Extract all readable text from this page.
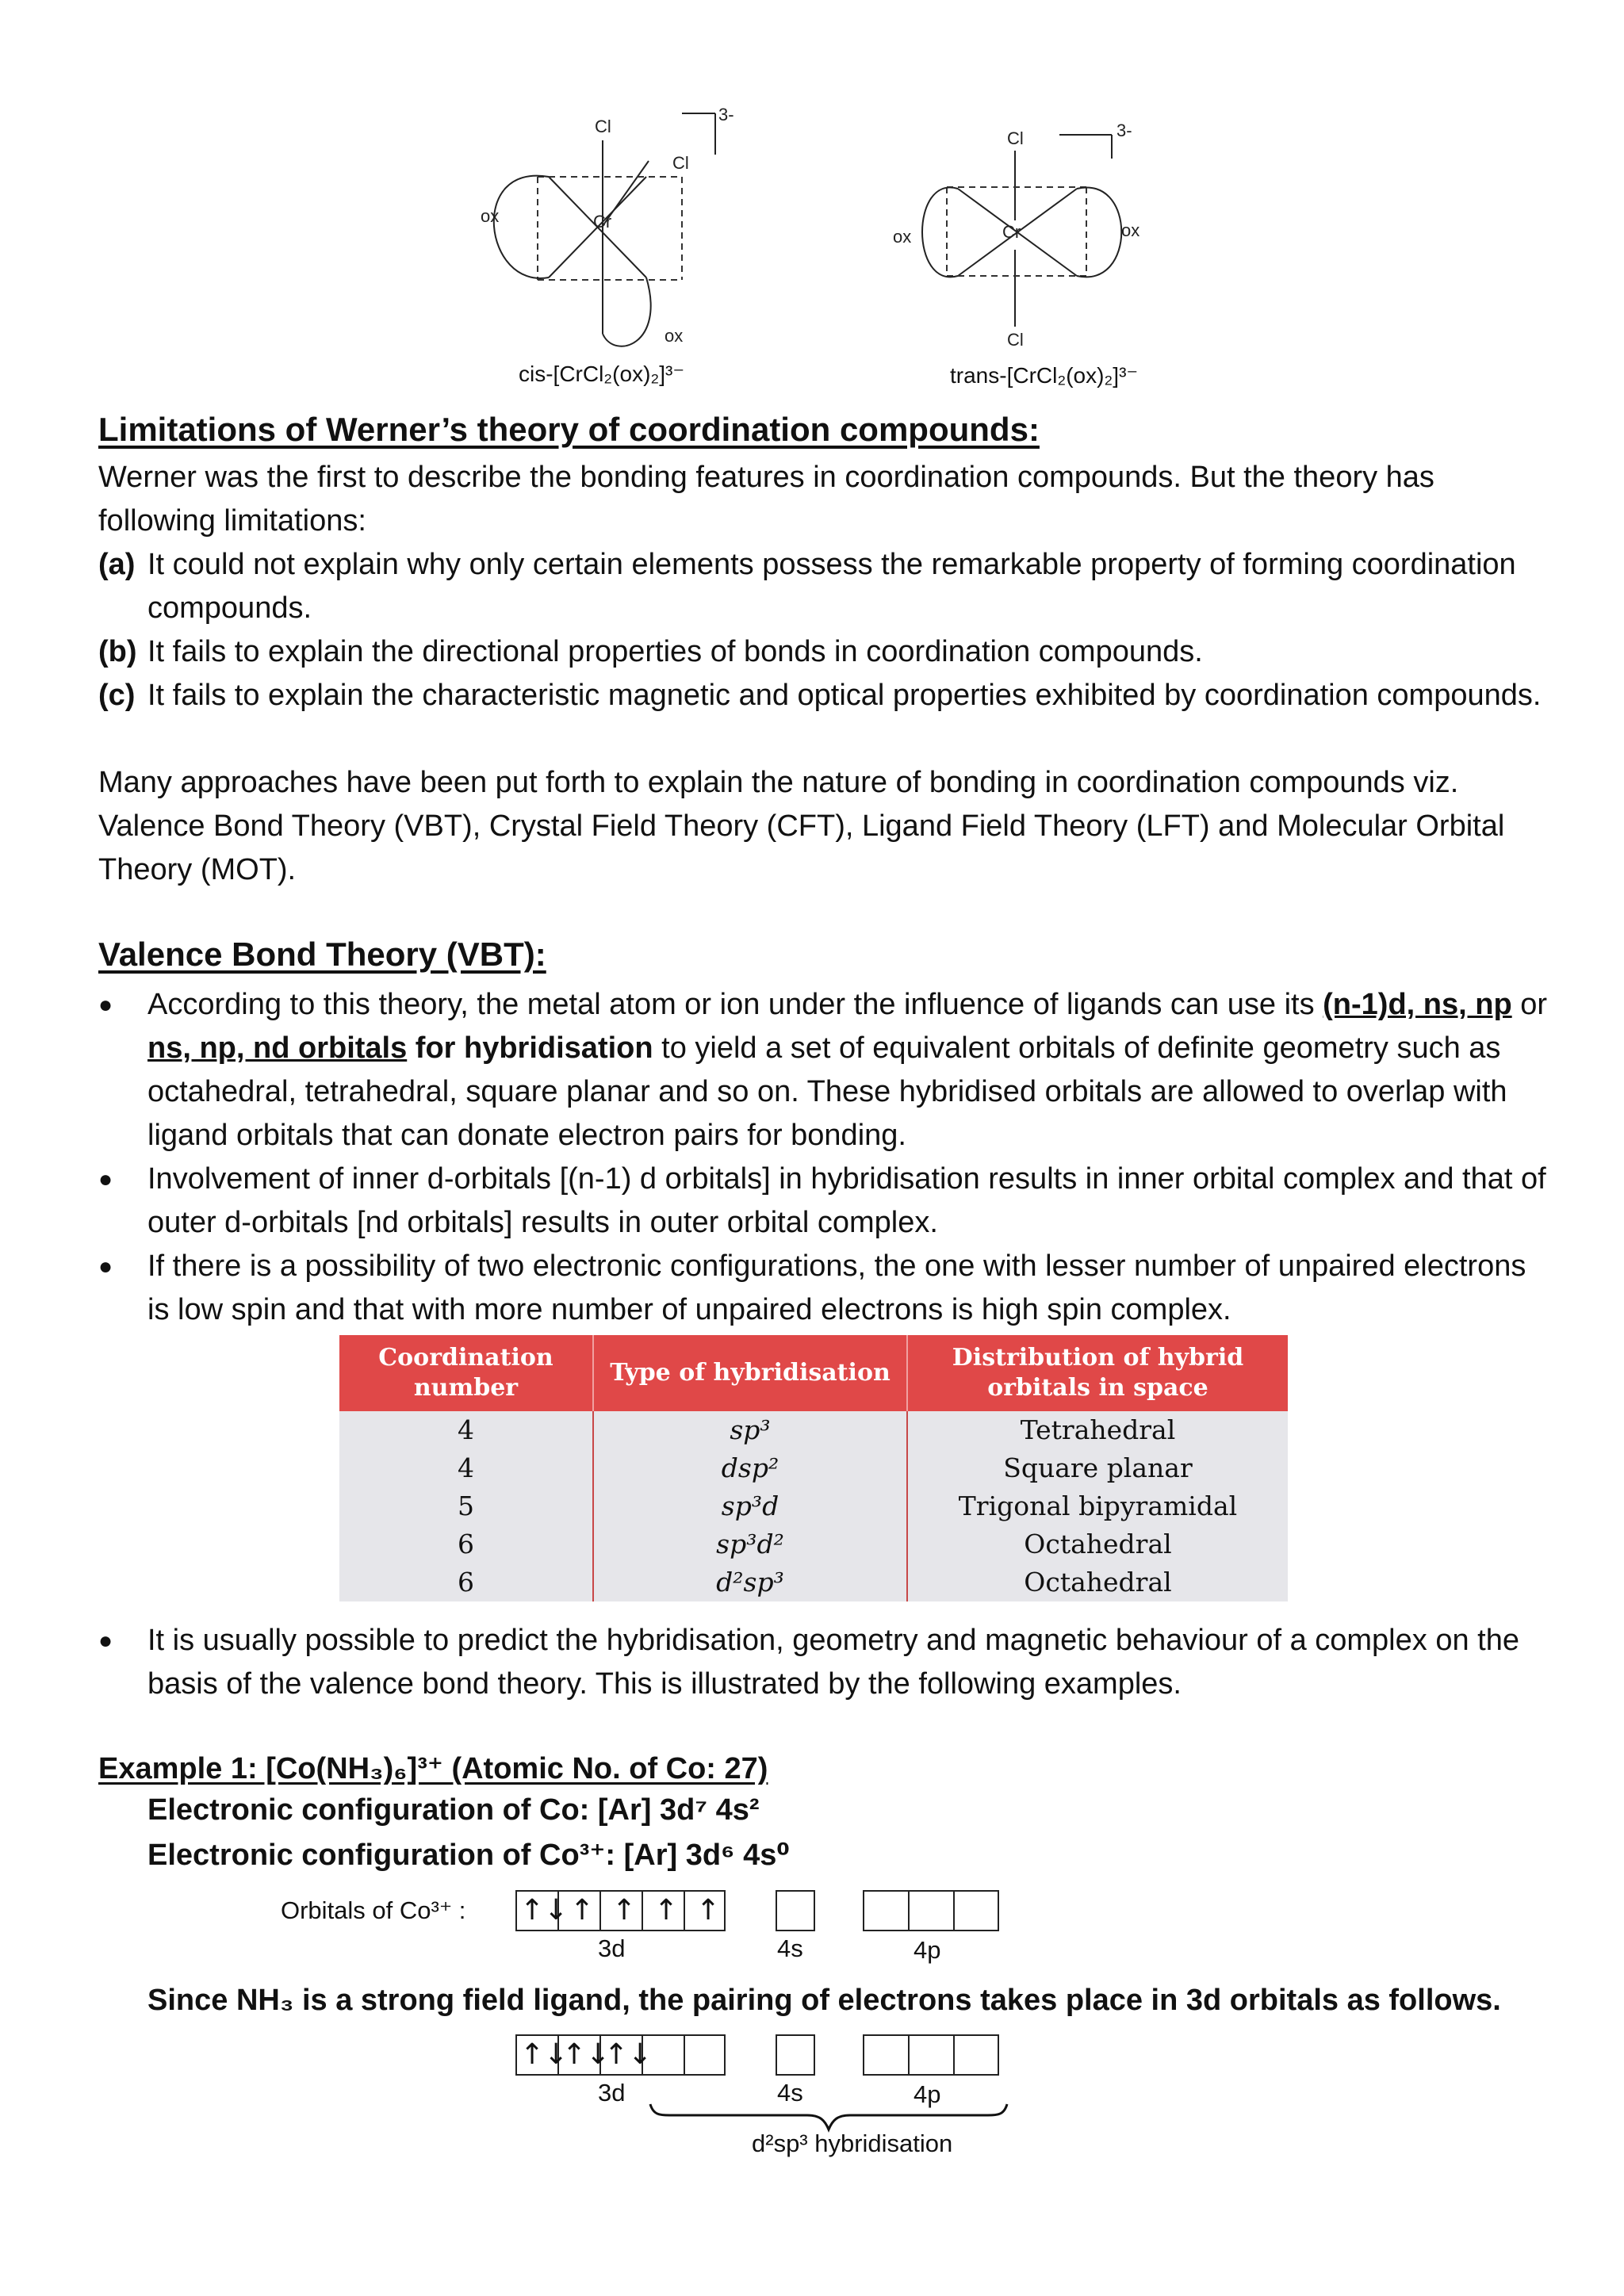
Cl
Cl
Cr
ox
ox
3-
cis-[CrCl₂(ox)₂]³⁻
Cl
Cr
Cl
ox	ox
3-
trans-[CrCl₂(ox)₂]³⁻
Limitations of Werner’s theory of coordination compounds:
Werner was the first to describe the bonding features in coordination compounds. But the theory has following limitations:
(a) It could not explain why only certain elements possess the remarkable property of forming coordination compounds.
(b) It fails to explain the directional properties of bonds in coordination compounds.
(c) It fails to explain the characteristic magnetic and optical properties exhibited by coordination compounds.
Many approaches have been put forth to explain the nature of bonding in coordination compounds viz. Valence Bond Theory (VBT), Crystal Field Theory (CFT), Ligand Field Theory (LFT) and Molecular Orbital Theory (MOT).
Valence Bond Theory (VBT):
● According to this theory, the metal atom or ion under the influence of ligands can use its (n-1)d, ns, np or ns, np, nd orbitals for hybridisation to yield a set of equivalent orbitals of definite geometry such as octahedral, tetrahedral, square planar and so on. These hybridised orbitals are allowed to overlap with ligand orbitals that can donate electron pairs for bonding.
● Involvement of inner d-orbitals [(n-1) d orbitals] in hybridisation results in inner orbital complex and that of outer d-orbitals [nd orbitals] results in outer orbital complex.
● If there is a possibility of two electronic configurations, the one with lesser number of unpaired electrons is low spin and that with more number of unpaired electrons is high spin complex.
Coordination number	Type of hybridisation	Distribution of hybrid orbitals in space
4	sp³	Tetrahedral
4	dsp²	Square planar
5	sp³d	Trigonal bipyramidal
6	sp³d²	Octahedral
6	d²sp³	Octahedral
● It is usually possible to predict the hybridisation, geometry and magnetic behaviour of a complex on the basis of the valence bond theory. This is illustrated by the following examples.
Example 1: [Co(NH₃)₆]³⁺ (Atomic No. of Co: 27)
Electronic configuration of Co: [Ar] 3d⁷ 4s²
Electronic configuration of Co³⁺: [Ar] 3d⁶ 4s⁰
Orbitals of Co³⁺ : ↑↓ ↑ ↑ ↑ ↑
3d	4s	4p
Since NH₃ is a strong field ligand, the pairing of electrons takes place in 3d orbitals as follows.
↑↓
↑↓
↑↓
3d	4s	4p
d²sp³ hybridisation
